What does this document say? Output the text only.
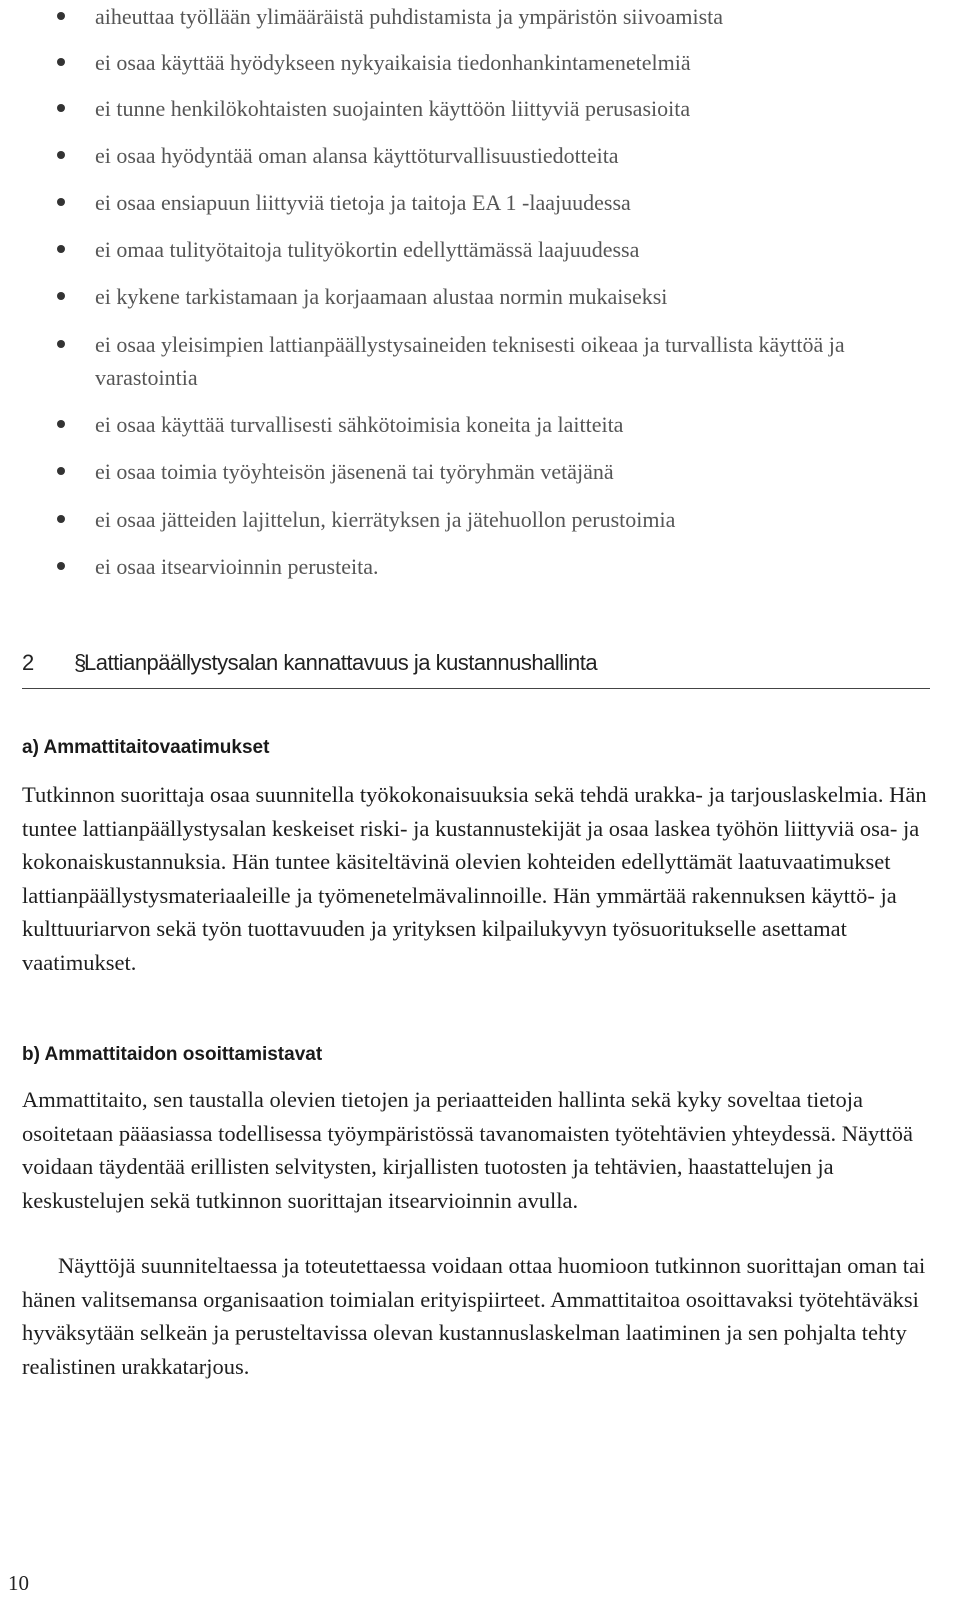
aiheuttaa työllään ylimääräistä puhdistamista ja ympäristön siivoamista
ei osaa käyttää hyödykseen nykyaikaisia tiedonhankintamenetelmiä
ei tunne henkilökohtaisten suojainten käyttöön liittyviä perusasioita
ei osaa hyödyntää oman alansa käyttöturvallisuustiedotteita
ei osaa ensiapuun liittyviä tietoja ja taitoja EA 1 -laajuudessa
ei omaa tulityötaitoja tulityökortin edellyttämässä laajuudessa
ei kykene tarkistamaan ja korjaamaan alustaa normin mukaiseksi
ei osaa yleisimpien lattianpäällystysaineiden teknisesti oikeaa ja turvallista käyttöä ja varastointia
ei osaa käyttää turvallisesti sähkötoimisia koneita ja laitteita
ei osaa toimia työyhteisön jäsenenä tai työryhmän vetäjänä
ei osaa jätteiden lajittelun, kierrätyksen ja jätehuollon perustoimia
ei osaa itsearvioinnin perusteita.
2 §
Lattianpäällystysalan kannattavuus ja kustannushallinta
a) Ammattitaitovaatimukset

Tutkinnon suorittaja osaa suunnitella työkokonaisuuksia sekä tehdä urakka- ja tarjouslaskelmia. Hän tuntee lattianpäällystysalan keskeiset riski- ja kustannustekijät ja osaa laskea työhön liittyviä osa- ja kokonaiskustannuksia. Hän tuntee käsiteltävinä olevien kohteiden edellyttämät laatuvaatimukset lattianpäällystysmateriaaleille ja työmenetelmävalinnoille. Hän ymmärtää rakennuksen käyttö- ja kulttuuriarvon sekä työn tuottavuuden ja yrityksen kilpailukyvyn työsuoritukselle asettamat vaatimukset.

b) Ammattitaidon osoittamistavat

Ammattitaito, sen taustalla olevien tietojen ja periaatteiden hallinta sekä kyky soveltaa tietoja osoitetaan pääasiassa todellisessa työympäristössä tavanomaisten työtehtävien yhteydessä. Näyttöä voidaan täydentää erillisten selvitysten, kirjallisten tuotosten ja tehtävien, haastattelujen ja keskustelujen sekä tutkinnon suorittajan itsearvioinnin avulla.

Näyttöjä suunniteltaessa ja toteutettaessa voidaan ottaa huomioon tutkinnon suorittajan oman tai hänen valitsemansa organisaation toimialan erityispiirteet. Ammattitaitoa osoittavaksi työtehtäväksi hyväksytään selkeän ja perusteltavissa olevan kustannuslaskelman laatiminen ja sen pohjalta tehty realistinen urakkatarjous.

10
